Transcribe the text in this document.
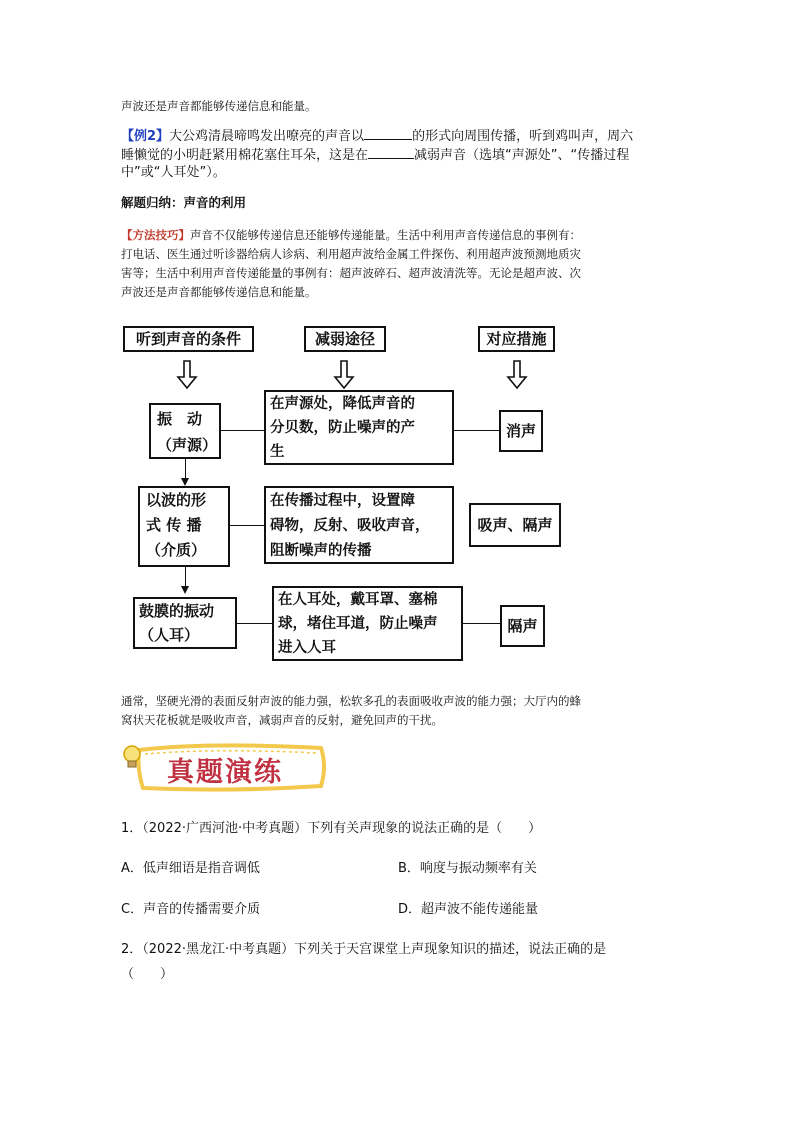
声波还是声音都能够传递信息和能量。
【例2】大公鸡清晨啼鸣发出嘹亮的声音以	的形式向周围传播，听到鸡叫声，周六
睡懒觉的小明赶紧用棉花塞住耳朵，这是在	减弱声音（选填“声源处”、“传播过程
中”或“人耳处”）。
解题归纳：声音的利用
【方法技巧】声音不仅能够传递信息还能够传递能量。生活中利用声音传递信息的事例有：
打电话、医生通过听诊器给病人诊病、利用超声波给金属工件探伤、利用超声波预测地质灾
害等；生活中利用声音传递能量的事例有：超声波碎石、超声波清洗等。无论是超声波、次
声波还是声音都能够传递信息和能量。
听到声音的条件	减弱途径	对应措施
振　动
（声源）
在声源处，降低声音的
分贝数，防止噪声的产
生
消声
以波的形
式 传 播
（介质）
在传播过程中，设置障
碍物，反射、吸收声音，
阻断噪声的传播
吸声、隔声
鼓膜的振动
（人耳）
在人耳处，戴耳罩、塞棉
球，堵住耳道，防止噪声
进入人耳
隔声
通常，坚硬光滑的表面反射声波的能力强，松软多孔的表面吸收声波的能力强；大厅内的蜂
窝状天花板就是吸收声音，减弱声音的反射，避免回声的干扰。
真题演练
1．（2022·广西河池·中考真题）下列有关声现象的说法正确的是（　　）
A．低声细语是指音调低	B．响度与振动频率有关
C．声音的传播需要介质	D．超声波不能传递能量
2．（2022·黑龙江·中考真题）下列关于天宫课堂上声现象知识的描述，说法正确的是
（　　）
